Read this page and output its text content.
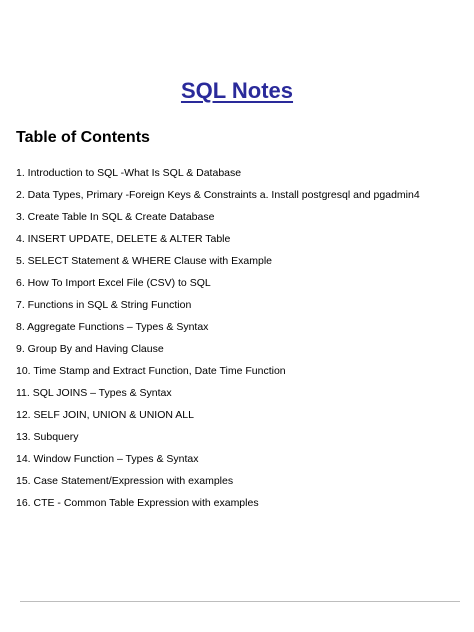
SQL Notes
Table of Contents
1. Introduction to SQL -What Is SQL & Database
2. Data Types, Primary -Foreign Keys & Constraints a. Install postgresql and pgadmin4
3. Create Table In SQL & Create Database
4. INSERT UPDATE, DELETE & ALTER Table
5. SELECT Statement & WHERE Clause with Example
6. How To Import Excel File (CSV) to SQL
7. Functions in SQL & String Function
8. Aggregate Functions – Types & Syntax
9. Group By and Having Clause
10. Time Stamp and Extract Function, Date Time Function
11. SQL JOINS – Types & Syntax
12. SELF JOIN, UNION & UNION ALL
13. Subquery
14. Window Function – Types & Syntax
15. Case Statement/Expression with examples
16. CTE - Common Table Expression with examples
